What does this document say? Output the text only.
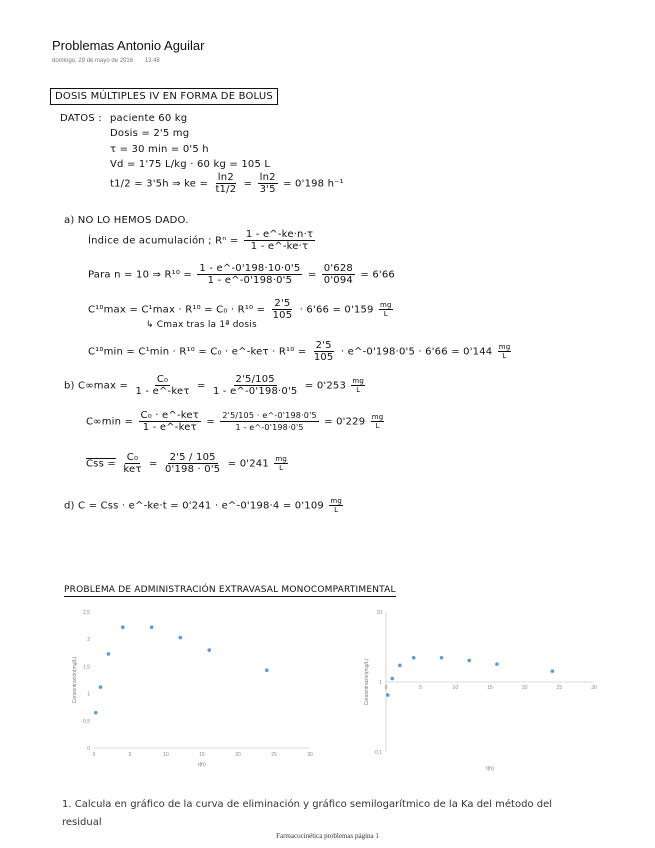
Problemas Antonio Aguilar
domingo, 29 de mayo de 2016 13:48
DOSIS MÚLTIPLES IV EN FORMA DE BOLUS
DATOS : paciente 60 kg
Dosis = 2'5 mg
τ = 30 min = 0'5 h
Vd = 1'75 L/kg · 60 kg = 105 L
t1/2 = 3'5h ⇒ ke = $\frac{\ln 2}{t1/2} = \frac{\ln 2}{3'5} = 0'198$ h⁻¹
a) NO LO HEMOS DADO.
Índice de acumulación ; $R^n = \frac{1 - e\^{}-ke\cdot n\cdot\tau}{1 - e\^{}-ke\cdot\tau}$
Para n = 10 ⇒ $R^{10} = \frac{1 - e\^{}-0'198\cdot 10\cdot 0'5}{1 - e\^{}-0'198\cdot 0'5} = \frac{0'628}{0'094} = 6'66$
$C^{10}\max = C^1\max \cdot R^{10} = C_0 \cdot R^{10} = \frac{2'5}{105} \cdot 6'66 = 0'159 \frac{mg}{L}$
↳ Cmax tras la 1ª dosis
C¹⁰min = C¹min · R¹⁰ = C₀ · e^-keτ · $R^{10} = \frac{2'5}{105}$ · e^-0'198·0'5 · $6'66 = 0'144 \frac{mg}{L}$
b) $C\infty\max = \frac{\text{C₀}}{\text{1 - e\textasciicircum{}-keτ}} = \frac{2'5/105}{1 - e\^{}-0'198\cdot 0'5} = 0'253 \frac{mg}{L}$
$C\infty\min = \frac{\text{C₀ · e\textasciicircum{}-keτ}}{\text{1 - e\textasciicircum{}-keτ}} = \frac{2'5/105 \cdot e\^{}-0'198\cdot 0'5}{1 - e\^{}-0'198\cdot 0'5} = 0'229 \frac{mg}{L}$
Css = $\frac{\text{C₀}}{\text{keτ}} = \frac{2'5 / 105}{0'198 \cdot 0'5} = 0'241 \frac{mg}{L}$
d) C = Css · e^-ke·t = 0'241 · e^-0'198·4 = $0'109 \frac{mg}{L}$
PROBLEMA DE ADMINISTRACIÓN EXTRAVASAL MONOCOMPARTIMENTAL
0	5	10	15	20	25	30
0
0,5
1
1,5
2
2,5
t(h)
Concentración(mg/L)	0	5	10	15	20	25	30
10
1
0,1
t(h)
Concentración(mg/L)
1. Calcula en gráfico de la curva de eliminación y gráfico semilogarítmico de la Ka del método del residual
Farmacocinética problemas página 1
